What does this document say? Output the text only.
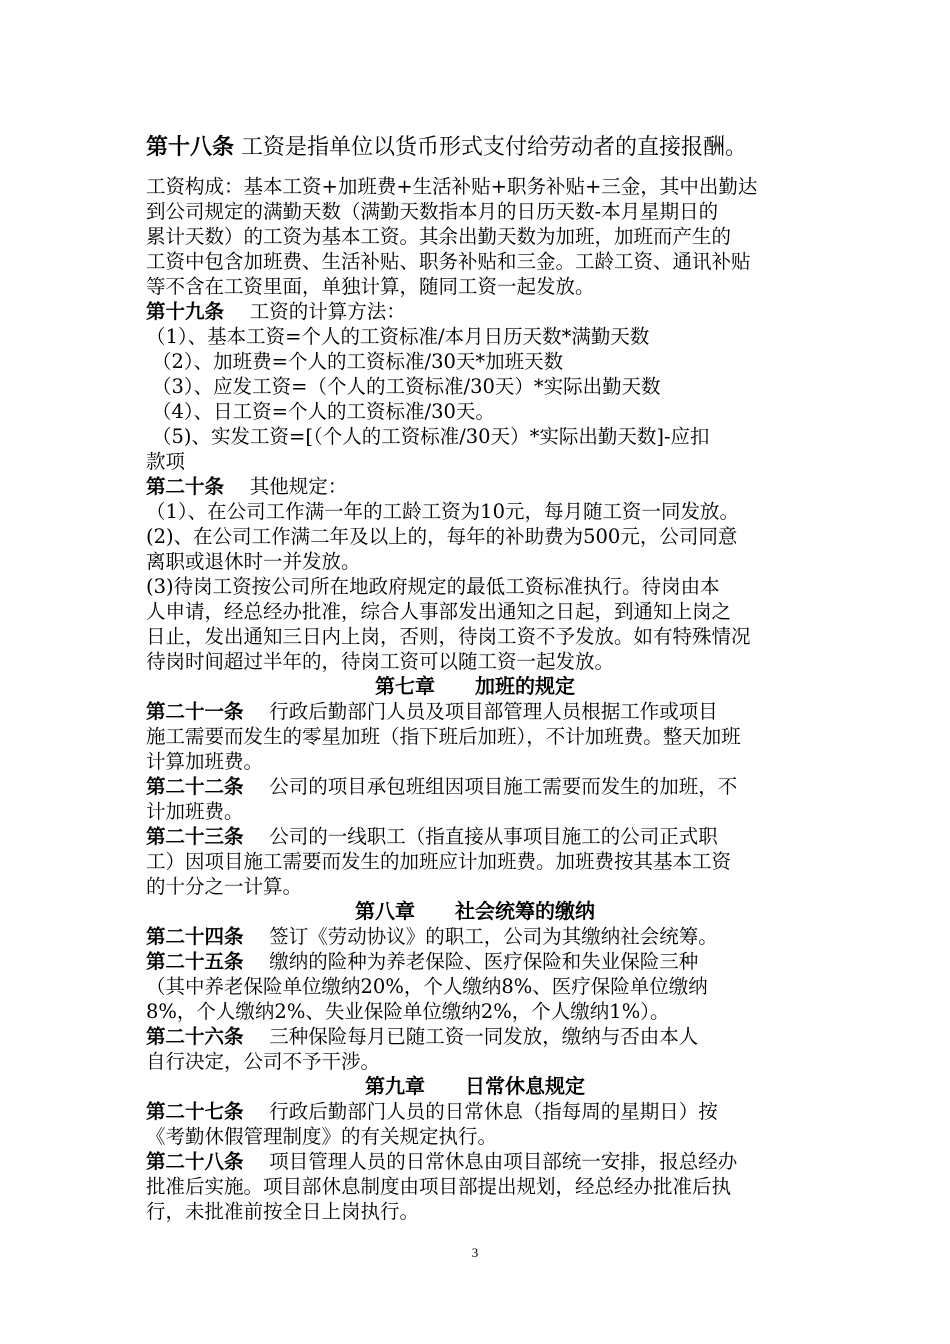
第十八条 工资是指单位以货币形式支付给劳动者的直接报酬。
工资构成：基本工资+加班费+生活补贴+职务补贴+三金，其中出勤达
到公司规定的满勤天数（满勤天数指本月的日历天数-本月星期日的
累计天数）的工资为基本工资。其余出勤天数为加班，加班而产生的
工资中包含加班费、生活补贴、职务补贴和三金。工龄工资、通讯补贴
等不含在工资里面，单独计算，随同工资一起发放。
第十九条　 工资的计算方法：
（1）、基本工资=个人的工资标准/本月日历天数*满勤天数
（2）、加班费=个人的工资标准/30天*加班天数
（3）、应发工资=（个人的工资标准/30天）*实际出勤天数
（4）、日工资=个人的工资标准/30天。
（5)、实发工资=[（个人的工资标准/30天）*实际出勤天数]-应扣
款项
第二十条　 其他规定：
（1）、在公司工作满一年的工龄工资为10元，每月随工资一同发放。
(2)、在公司工作满二年及以上的，每年的补助费为500元，公司同意
离职或退休时一并发放。
(3)待岗工资按公司所在地政府规定的最低工资标准执行。待岗由本
人申请，经总经办批准，综合人事部发出通知之日起，到通知上岗之
日止，发出通知三日内上岗，否则，待岗工资不予发放。如有特殊情况
待岗时间超过半年的，待岗工资可以随工资一起发放。
第七章　　加班的规定
第二十一条　 行政后勤部门人员及项目部管理人员根据工作或项目
施工需要而发生的零星加班（指下班后加班），不计加班费。整天加班
计算加班费。
第二十二条　 公司的项目承包班组因项目施工需要而发生的加班，不
计加班费。
第二十三条　 公司的一线职工（指直接从事项目施工的公司正式职
工）因项目施工需要而发生的加班应计加班费。加班费按其基本工资
的十分之一计算。
第八章　　社会统筹的缴纳
第二十四条　 签订《劳动协议》的职工，公司为其缴纳社会统筹。
第二十五条　 缴纳的险种为养老保险、医疗保险和失业保险三种
（其中养老保险单位缴纳20%，个人缴纳8%、医疗保险单位缴纳
8%，个人缴纳2%、失业保险单位缴纳2%，个人缴纳1%）。
第二十六条　 三种保险每月已随工资一同发放，缴纳与否由本人
自行决定，公司不予干涉。
第九章　　日常休息规定
第二十七条　 行政后勤部门人员的日常休息（指每周的星期日）按
《考勤休假管理制度》的有关规定执行。
第二十八条　 项目管理人员的日常休息由项目部统一安排，报总经办
批准后实施。项目部休息制度由项目部提出规划，经总经办批准后执
行，未批准前按全日上岗执行。
3
